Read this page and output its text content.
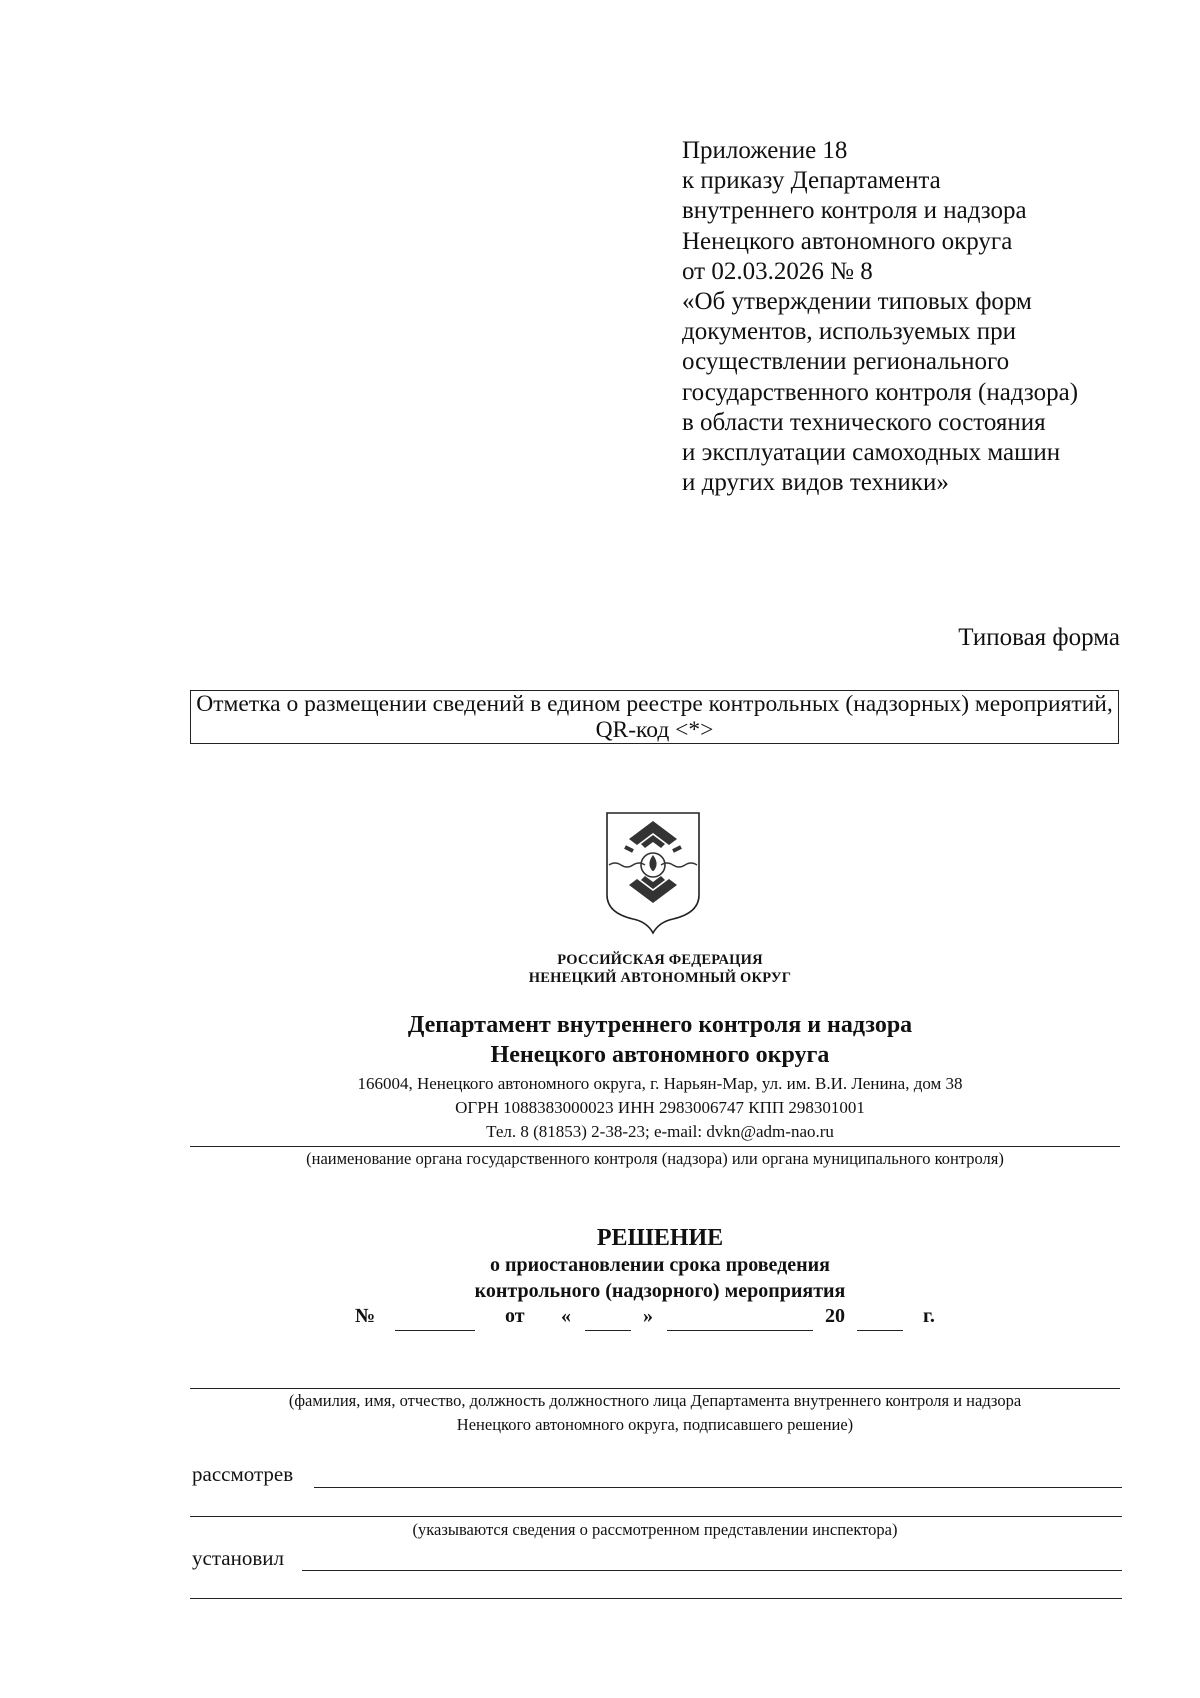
Приложение 18
к приказу Департамента
внутреннего контроля и надзора
Ненецкого автономного округа
от 02.03.2026 № 8
«Об утверждении типовых форм
документов, используемых при
осуществлении регионального
государственного контроля (надзора)
в области технического состояния
и эксплуатации самоходных машин
и других видов техники»
Типовая форма
Отметка о размещении сведений в едином реестре контрольных (надзорных) мероприятий,
QR-код <*>
РОССИЙСКАЯ ФЕДЕРАЦИЯ
НЕНЕЦКИЙ АВТОНОМНЫЙ ОКРУГ
Департамент внутреннего контроля и надзора
Ненецкого автономного округа
166004, Ненецкого автономного округа, г. Нарьян-Мар, ул. им. В.И. Ленина, дом 38
ОГРН 1088383000023 ИНН 2983006747 КПП 298301001
Тел. 8 (81853) 2-38-23; e-mail: dvkn@adm-nao.ru
(наименование органа государственного контроля (надзора) или органа муниципального контроля)
РЕШЕНИЕ
о приостановлении срока проведения
контрольного (надзорного) мероприятия
№	от «	»	20	г.
(фамилия, имя, отчество, должность должностного лица Департамента внутреннего контроля и надзора
Ненецкого автономного округа, подписавшего решение)
рассмотрев
(указываются сведения о рассмотренном представлении инспектора)
установил
